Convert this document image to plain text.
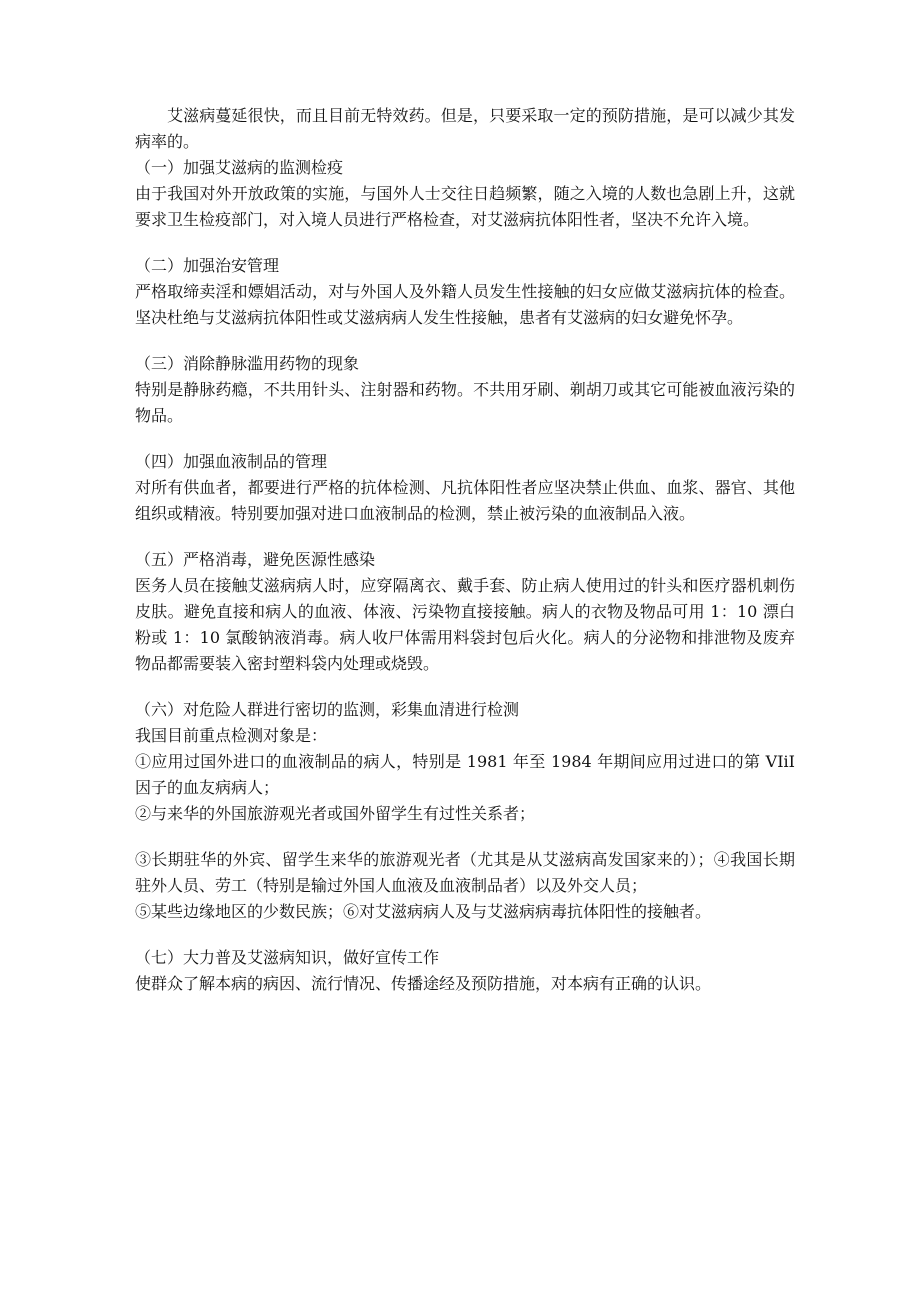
艾滋病蔓延很快，而且目前无特效药。但是，只要采取一定的预防措施，是可以减少其发病率的。

（一）加强艾滋病的监测检疫

由于我国对外开放政策的实施，与国外人士交往日趋频繁，随之入境的人数也急剧上升，这就要求卫生检疫部门，对入境人员进行严格检查，对艾滋病抗体阳性者，坚决不允许入境。

（二）加强治安管理

严格取缔卖淫和嫖娼活动，对与外国人及外籍人员发生性接触的妇女应做艾滋病抗体的检查。坚决杜绝与艾滋病抗体阳性或艾滋病病人发生性接触，患者有艾滋病的妇女避免怀孕。

（三）消除静脉滥用药物的现象

特别是静脉药瘾，不共用针头、注射器和药物。不共用牙刷、剃胡刀或其它可能被血液污染的物品。

（四）加强血液制品的管理

对所有供血者，都要进行严格的抗体检测、凡抗体阳性者应坚决禁止供血、血浆、器官、其他组织或精液。特别要加强对进口血液制品的检测，禁止被污染的血液制品入液。

（五）严格消毒，避免医源性感染

医务人员在接触艾滋病病人时，应穿隔离衣、戴手套、防止病人使用过的针头和医疗器机刺伤皮肤。避免直接和病人的血液、体液、污染物直接接触。病人的衣物及物品可用 1：10 漂白粉或 1：10 氯酸钠液消毒。病人收尸体需用料袋封包后火化。病人的分泌物和排泄物及废弃物品都需要装入密封塑料袋内处理或烧毁。

（六）对危险人群进行密切的监测，彩集血清进行检测

我国目前重点检测对象是：

①应用过国外进口的血液制品的病人，特别是 1981 年至 1984 年期间应用过进口的第 VIiI 因子的血友病病人；

②与来华的外国旅游观光者或国外留学生有过性关系者；

③长期驻华的外宾、留学生来华的旅游观光者（尤其是从艾滋病高发国家来的）；④我国长期驻外人员、劳工（特别是输过外国人血液及血液制品者）以及外交人员；

⑤某些边缘地区的少数民族；⑥对艾滋病病人及与艾滋病病毒抗体阳性的接触者。

（七）大力普及艾滋病知识，做好宣传工作

使群众了解本病的病因、流行情况、传播途经及预防措施，对本病有正确的认识。
